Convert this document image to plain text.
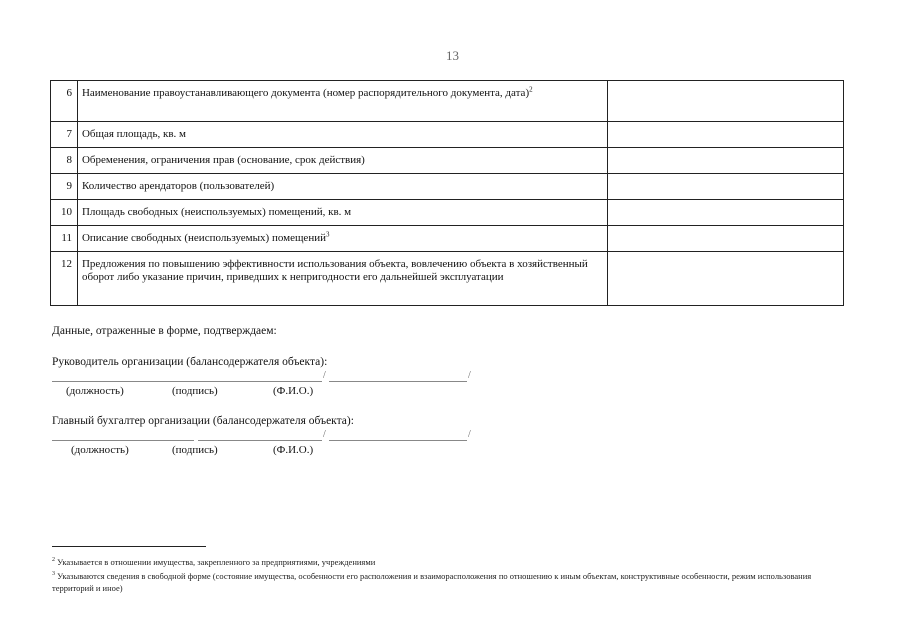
13
6	Наименование правоустанавливающего документа (номер распорядительного документа, дата)$^2$	
7	Общая площадь, кв. м	
8	Обременения, ограничения прав (основание, срок действия)	
9	Количество арендаторов (пользователей)	
10	Площадь свободных (неиспользуемых) помещений, кв. м	
11	Описание свободных (неиспользуемых) помещений$^3$	
12	Предложения по повышению эффективности использования объекта, вовлечению объекта в хозяйственный оборот либо указание причин, приведших к непригодности его дальнейшей эксплуатации	
Данные, отраженные в форме, подтверждаем:
Руководитель организации (балансодержателя объекта):
/	/
(должность)	(подпись)	(Ф.И.О.)
Главный бухгалтер организации (балансодержателя объекта):
/	/
(должность)	(подпись)	(Ф.И.О.)
$^2$ Указывается в отношении имущества, закрепленного за предприятиями, учреждениями
$^3$ Указываются сведения в свободной форме (состояние имущества, особенности его расположения и взаиморасположения по отношению к иным объектам, конструктивные особенности, режим использования территорий и иное)
